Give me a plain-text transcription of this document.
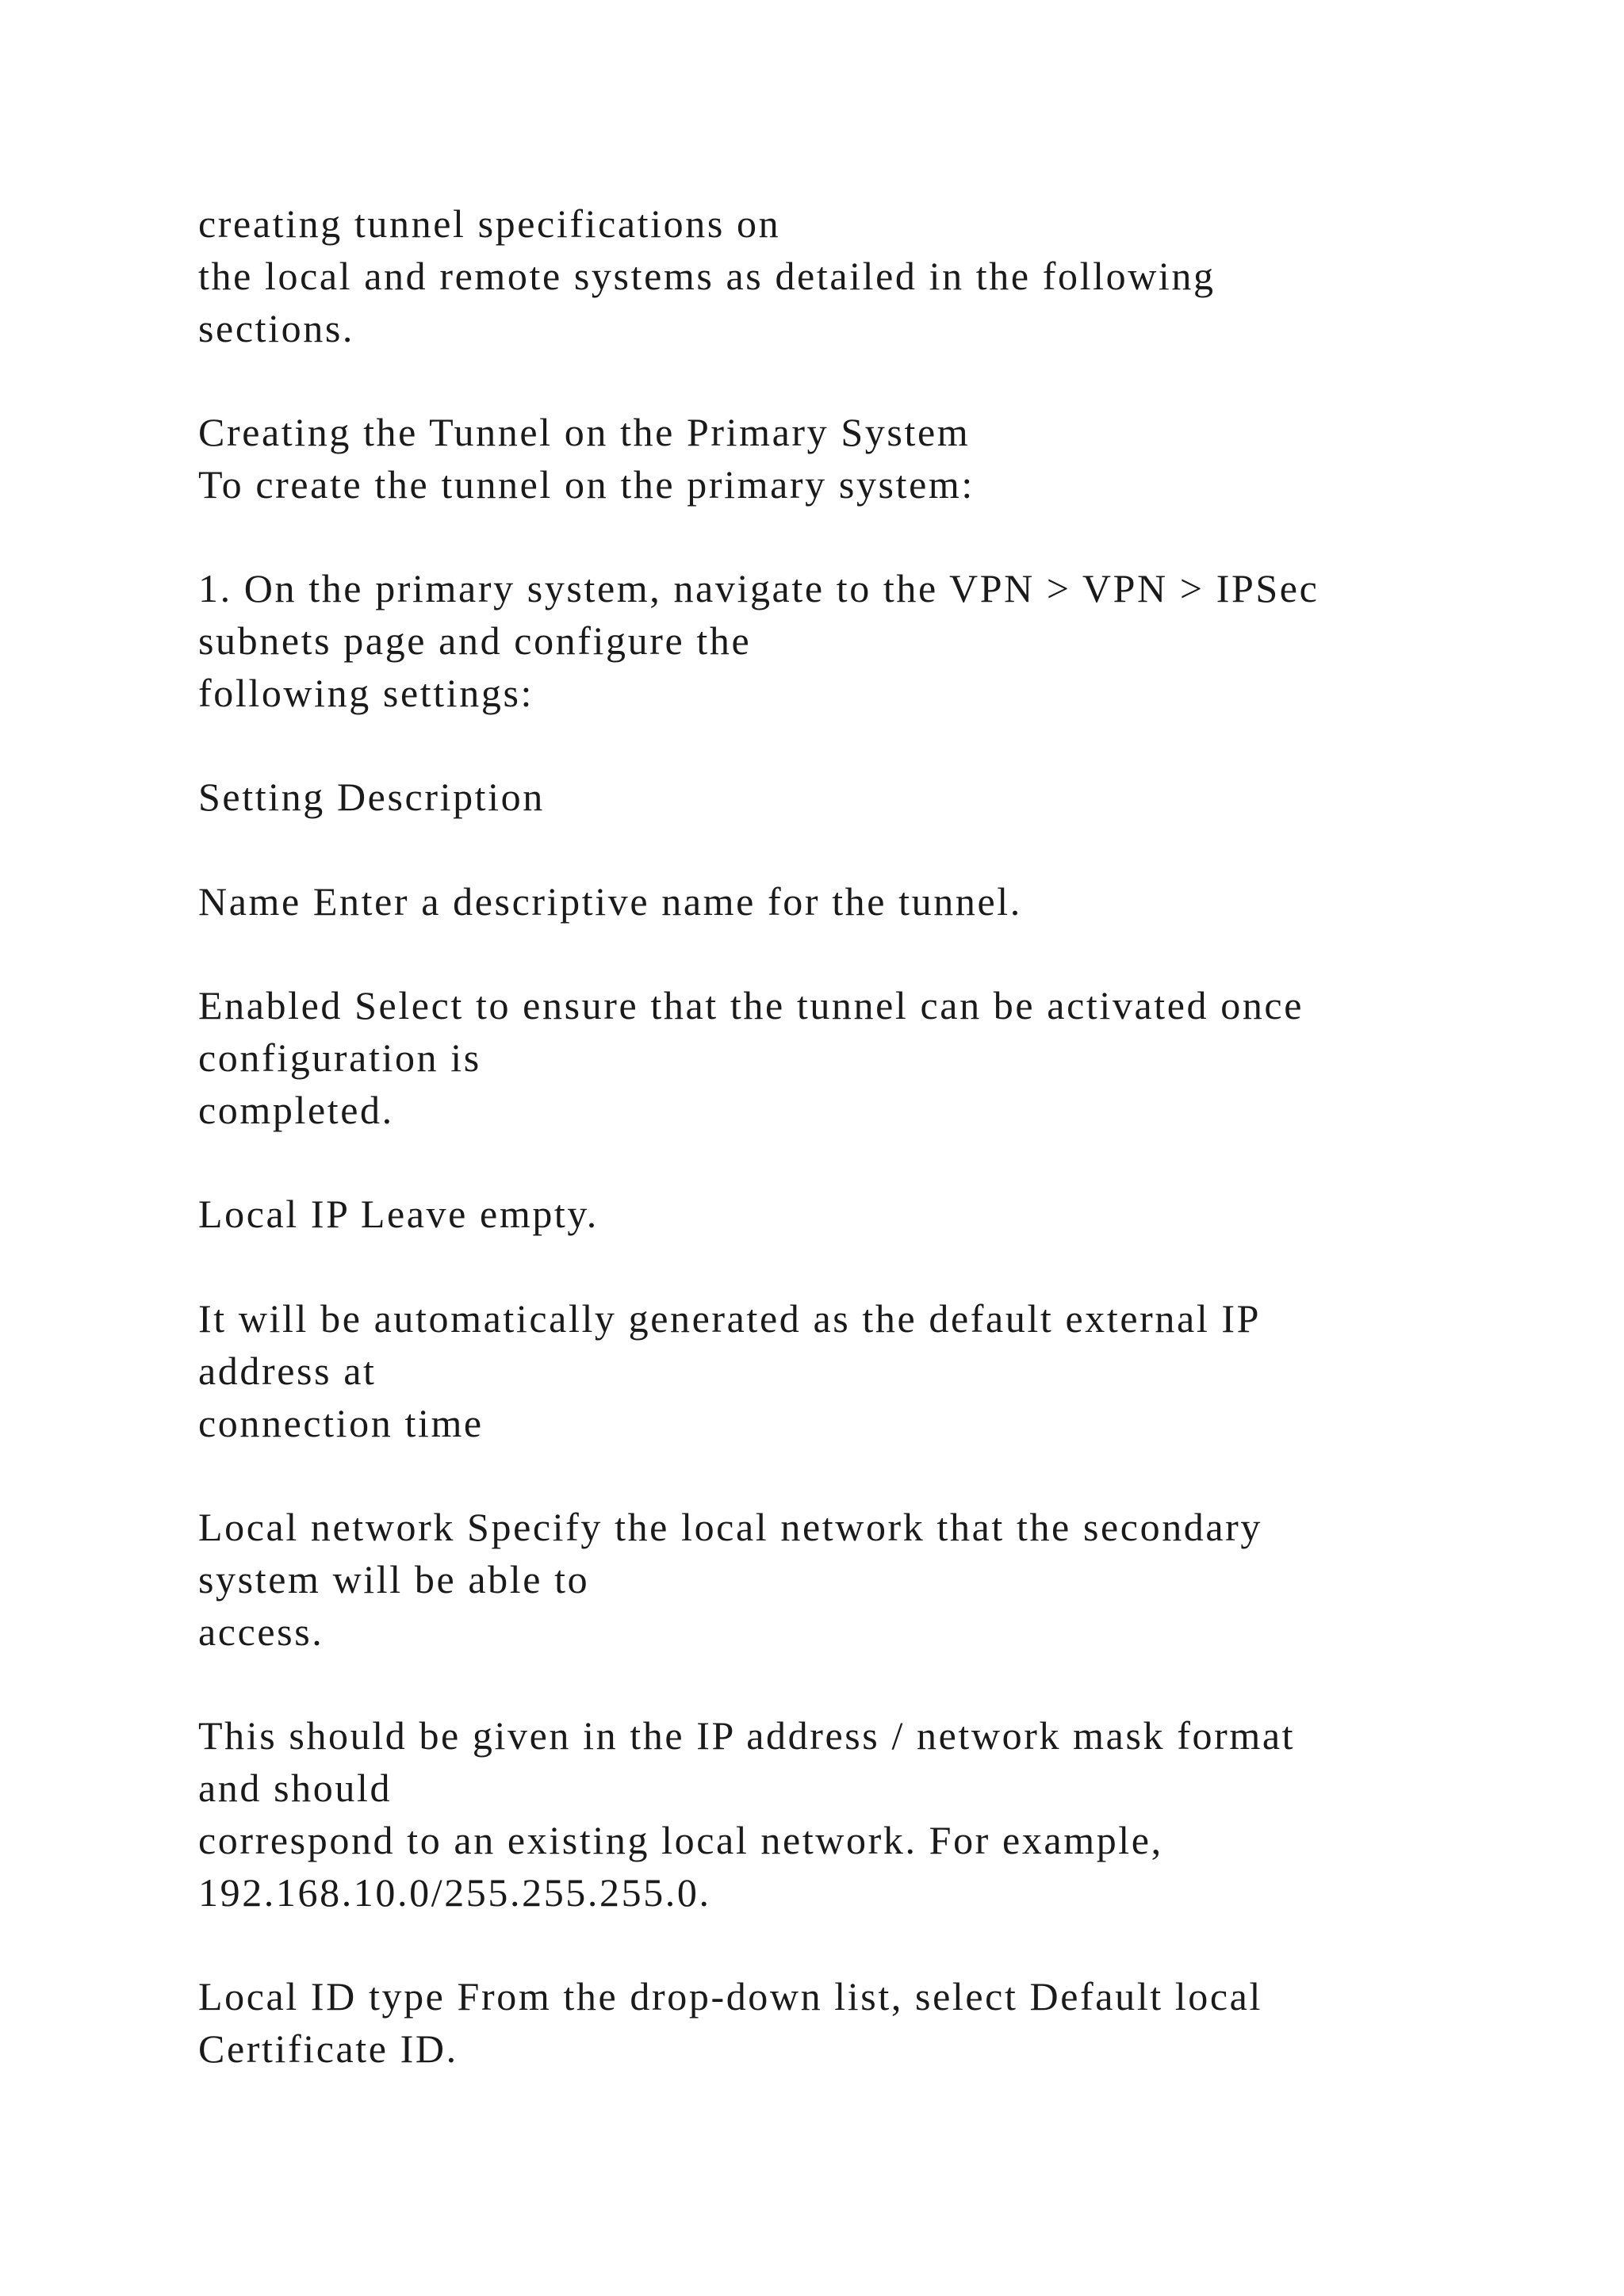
creating tunnel specifications on

the local and remote systems as detailed in the following

sections.

Creating the Tunnel on the Primary System

To create the tunnel on the primary system:

1. On the primary system, navigate to the VPN > VPN > IPSec

subnets page and configure the

following settings:

Setting Description

Name Enter a descriptive name for the tunnel.

Enabled Select to ensure that the tunnel can be activated once

configuration is

completed.

Local IP Leave empty.

It will be automatically generated as the default external IP

address at

connection time

Local network Specify the local network that the secondary

system will be able to

access.

This should be given in the IP address / network mask format

and should

correspond to an existing local network. For example,

192.168.10.0/255.255.255.0.

Local ID type From the drop-down list, select Default local

Certificate ID.
